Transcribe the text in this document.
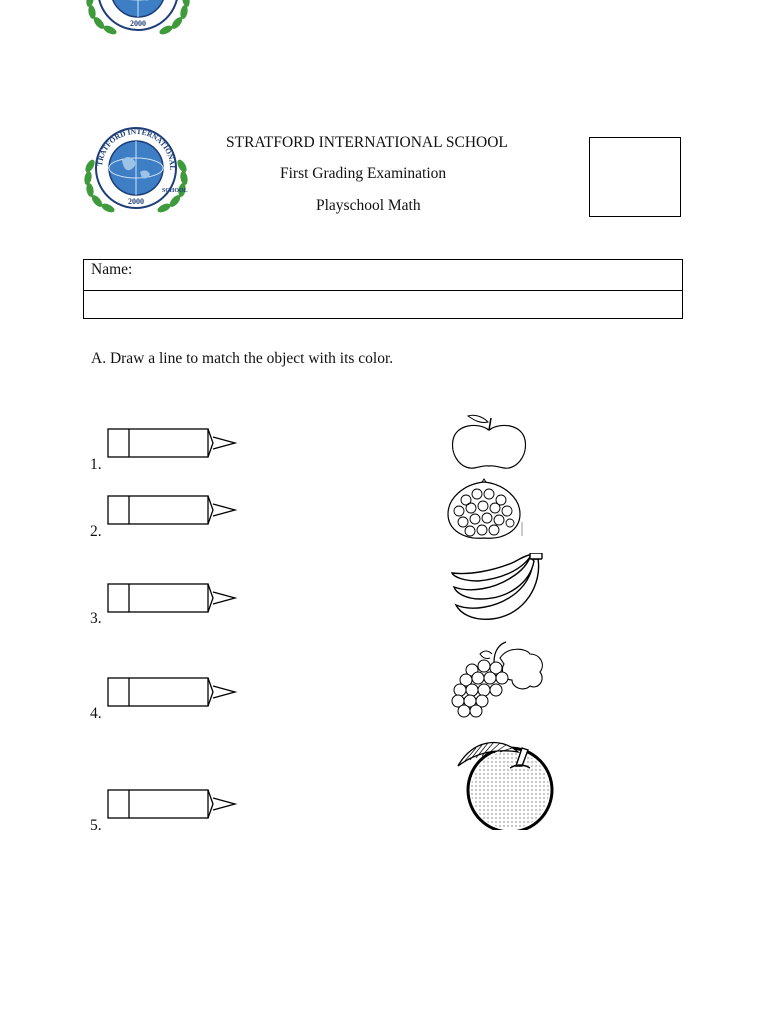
2000
TRATFORD INTERNATIONAL
2000
SCHOOL
STRATFORD INTERNATIONAL SCHOOL
First Grading Examination
Playschool Math
Name:
A. Draw a line to match the object with its color.
1.
2.
3.
4.
5.
